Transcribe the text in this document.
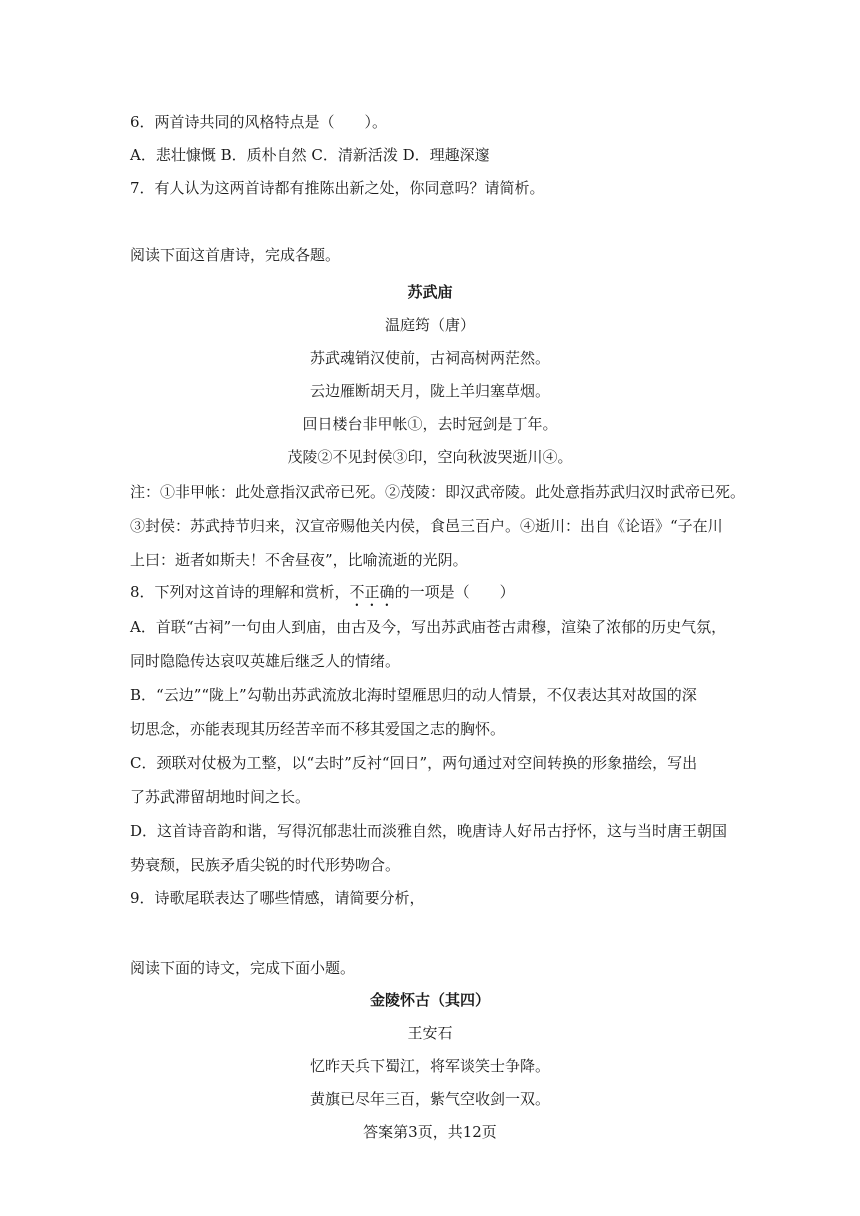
6．两首诗共同的风格特点是（　　）。
A．悲壮慷慨 B．质朴自然 C．清新活泼 D．理趣深邃
7．有人认为这两首诗都有推陈出新之处，你同意吗？请简析。
阅读下面这首唐诗，完成各题。
苏武庙
温庭筠（唐）
苏武魂销汉使前，古祠高树两茫然。
云边雁断胡天月，陇上羊归塞草烟。
回日楼台非甲帐①，去时冠剑是丁年。
茂陵②不见封侯③印，空向秋波哭逝川④。
注：①非甲帐：此处意指汉武帝已死。②茂陵：即汉武帝陵。此处意指苏武归汉时武帝已死。
③封侯：苏武持节归来，汉宣帝赐他关内侯，食邑三百户。④逝川：出自《论语》“子在川
上曰：逝者如斯夫！不舍昼夜”，比喻流逝的光阴。
8．下列对这首诗的理解和赏析，不正确的一项是（　　）
A．首联“古祠”一句由人到庙，由古及今，写出苏武庙苍古肃穆，渲染了浓郁的历史气氛，
同时隐隐传达哀叹英雄后继乏人的情绪。
B．“云边”“陇上”勾勒出苏武流放北海时望雁思归的动人情景，不仅表达其对故国的深
切思念，亦能表现其历经苦辛而不移其爱国之志的胸怀。
C．颈联对仗极为工整，以“去时”反衬“回日”，两句通过对空间转换的形象描绘，写出
了苏武滞留胡地时间之长。
D．这首诗音韵和谐，写得沉郁悲壮而淡雅自然，晚唐诗人好吊古抒怀，这与当时唐王朝国
势衰颓，民族矛盾尖锐的时代形势吻合。
9．诗歌尾联表达了哪些情感，请简要分析，
阅读下面的诗文，完成下面小题。
金陵怀古（其四）
王安石
忆昨天兵下蜀江，将军谈笑士争降。
黄旗已尽年三百，紫气空收剑一双。
答案第3页，共12页
